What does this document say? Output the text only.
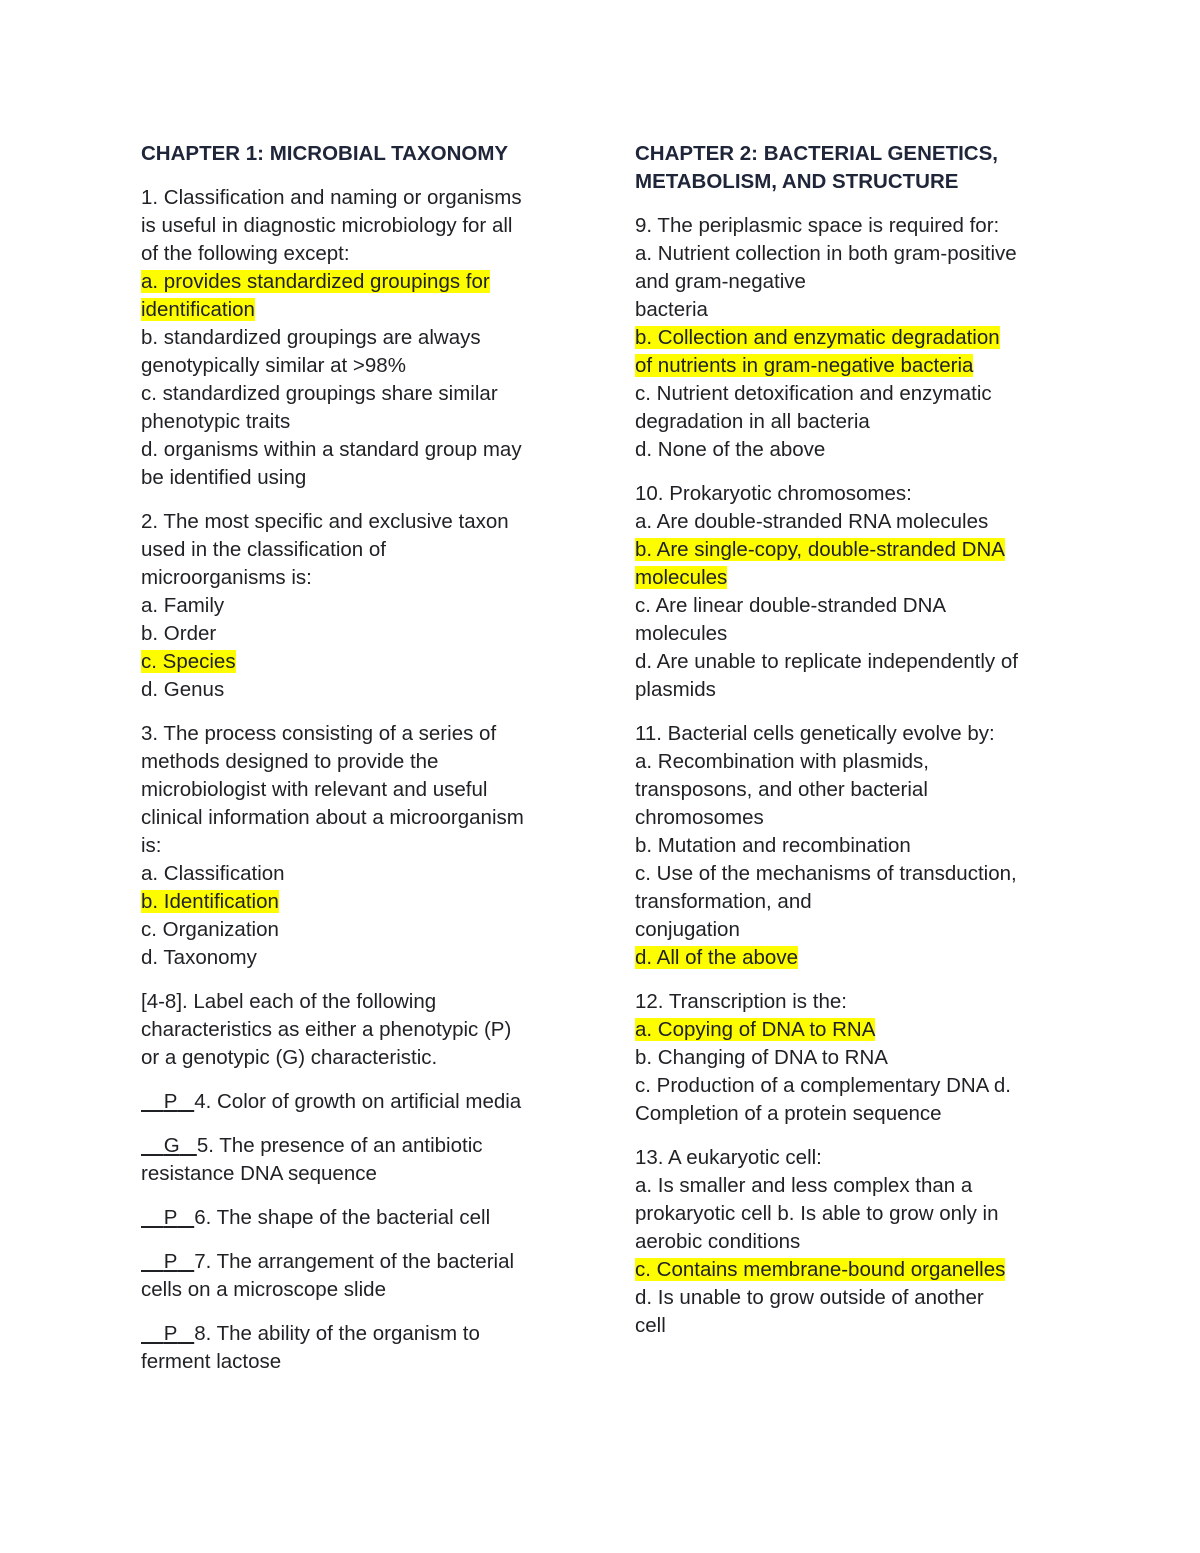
CHAPTER 1: MICROBIAL TAXONOMY
1. Classification and naming or organisms
is useful in diagnostic microbiology for all
of the following except:
a. provides standardized groupings for
identification
b. standardized groupings are always
genotypically similar at >98%
c. standardized groupings share similar
phenotypic traits
d. organisms within a standard group may
be identified using
2. The most specific and exclusive taxon
used in the classification of
microorganisms is:
a. Family
b. Order
c. Species
d. Genus
3. The process consisting of a series of
methods designed to provide the
microbiologist with relevant and useful
clinical information about a microorganism
is:
a. Classification
b. Identification
c. Organization
d. Taxonomy
[4-8]. Label each of the following
characteristics as either a phenotypic (P)
or a genotypic (G) characteristic.
P 4. Color of growth on artificial media
G 5. The presence of an antibiotic
resistance DNA sequence
P 6. The shape of the bacterial cell
P 7. The arrangement of the bacterial
cells on a microscope slide
P 8. The ability of the organism to
ferment lactose
CHAPTER 2: BACTERIAL GENETICS,
METABOLISM, AND STRUCTURE
9. The periplasmic space is required for:
a. Nutrient collection in both gram-positive
and gram-negative
bacteria
b. Collection and enzymatic degradation
of nutrients in gram-negative bacteria
c. Nutrient detoxification and enzymatic
degradation in all bacteria
d. None of the above
10. Prokaryotic chromosomes:
a. Are double-stranded RNA molecules
b. Are single-copy, double-stranded DNA
molecules
c. Are linear double-stranded DNA
molecules
d. Are unable to replicate independently of
plasmids
11. Bacterial cells genetically evolve by:
a. Recombination with plasmids,
transposons, and other bacterial
chromosomes
b. Mutation and recombination
c. Use of the mechanisms of transduction,
transformation, and
conjugation
d. All of the above
12. Transcription is the:
a. Copying of DNA to RNA
b. Changing of DNA to RNA
c. Production of a complementary DNA d.
Completion of a protein sequence
13. A eukaryotic cell:
a. Is smaller and less complex than a
prokaryotic cell b. Is able to grow only in
aerobic conditions
c. Contains membrane-bound organelles
d. Is unable to grow outside of another
cell
